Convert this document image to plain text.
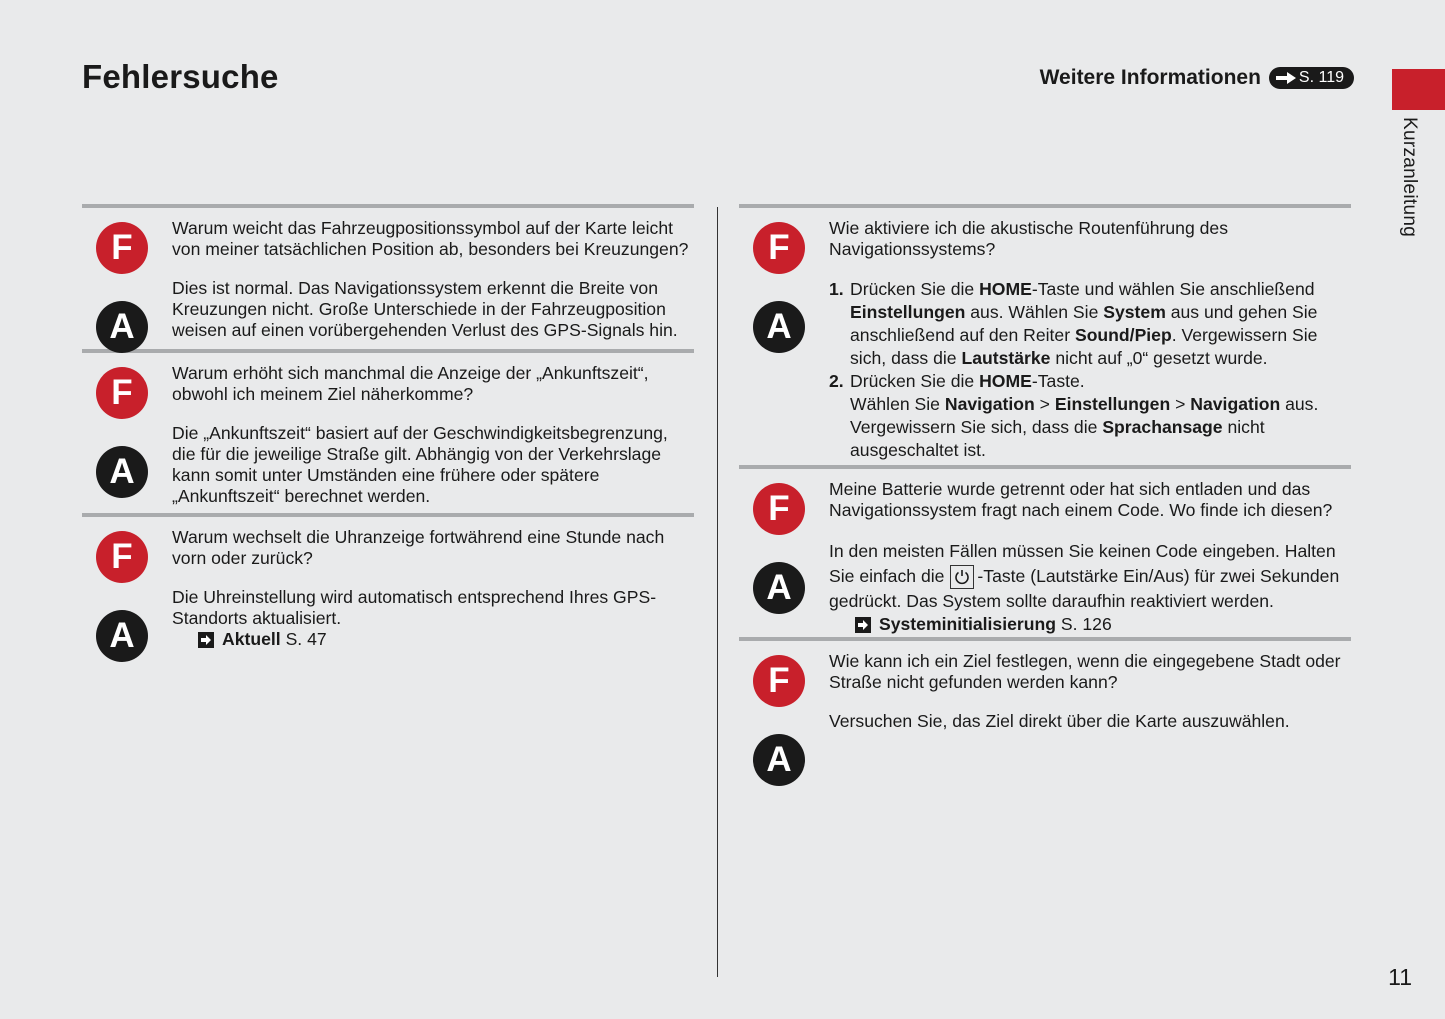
Fehlersuche	Weitere Informationen S. 119
Kurzanleitung
F	Warum weicht das Fahrzeugpositionssymbol auf der Karte leicht von meiner tatsächlichen Position ab, besonders bei Kreuzungen?
A
Dies ist normal. Das Navigationssystem erkennt die Breite von Kreuzungen nicht. Große Unterschiede in der Fahrzeugposition weisen auf einen vorübergehenden Verlust des GPS-Signals hin.
F	Warum erhöht sich manchmal die Anzeige der „Ankunftszeit“, obwohl ich meinem Ziel näherkomme?
A
Die „Ankunftszeit“ basiert auf der Geschwindigkeitsbegrenzung, die für die jeweilige Straße gilt. Abhängig von der Verkehrslage kann somit unter Umständen eine frühere oder spätere „Ankunftszeit“ berechnet werden.
F	Warum wechselt die Uhranzeige fortwährend eine Stunde nach vorn oder zurück?
A
Die Uhreinstellung wird automatisch entsprechend Ihres GPS-Standorts aktualisiert.
Aktuell S. 47
F	Wie aktiviere ich die akustische Routenführung des Navigationssystems?
A
1. Drücken Sie die HOME-Taste und wählen Sie anschließend Einstellungen aus. Wählen Sie System aus und gehen Sie anschließend auf den Reiter Sound/Piep. Vergewissern Sie sich, dass die Lautstärke nicht auf „0“ gesetzt wurde.
2. Drücken Sie die HOME-Taste.
Wählen Sie Navigation > Einstellungen > Navigation aus. Vergewissern Sie sich, dass die Sprachansage nicht ausgeschaltet ist.
F	Meine Batterie wurde getrennt oder hat sich entladen und das Navigationssystem fragt nach einem Code. Wo finde ich diesen?
A
In den meisten Fällen müssen Sie keinen Code eingeben. Halten Sie einfach die -Taste (Lautstärke Ein/Aus) für zwei Sekunden gedrückt. Das System sollte daraufhin reaktiviert werden.
Systeminitialisierung S. 126
F	Wie kann ich ein Ziel festlegen, wenn die eingegebene Stadt oder Straße nicht gefunden werden kann?
A
Versuchen Sie, das Ziel direkt über die Karte auszuwählen.
11
